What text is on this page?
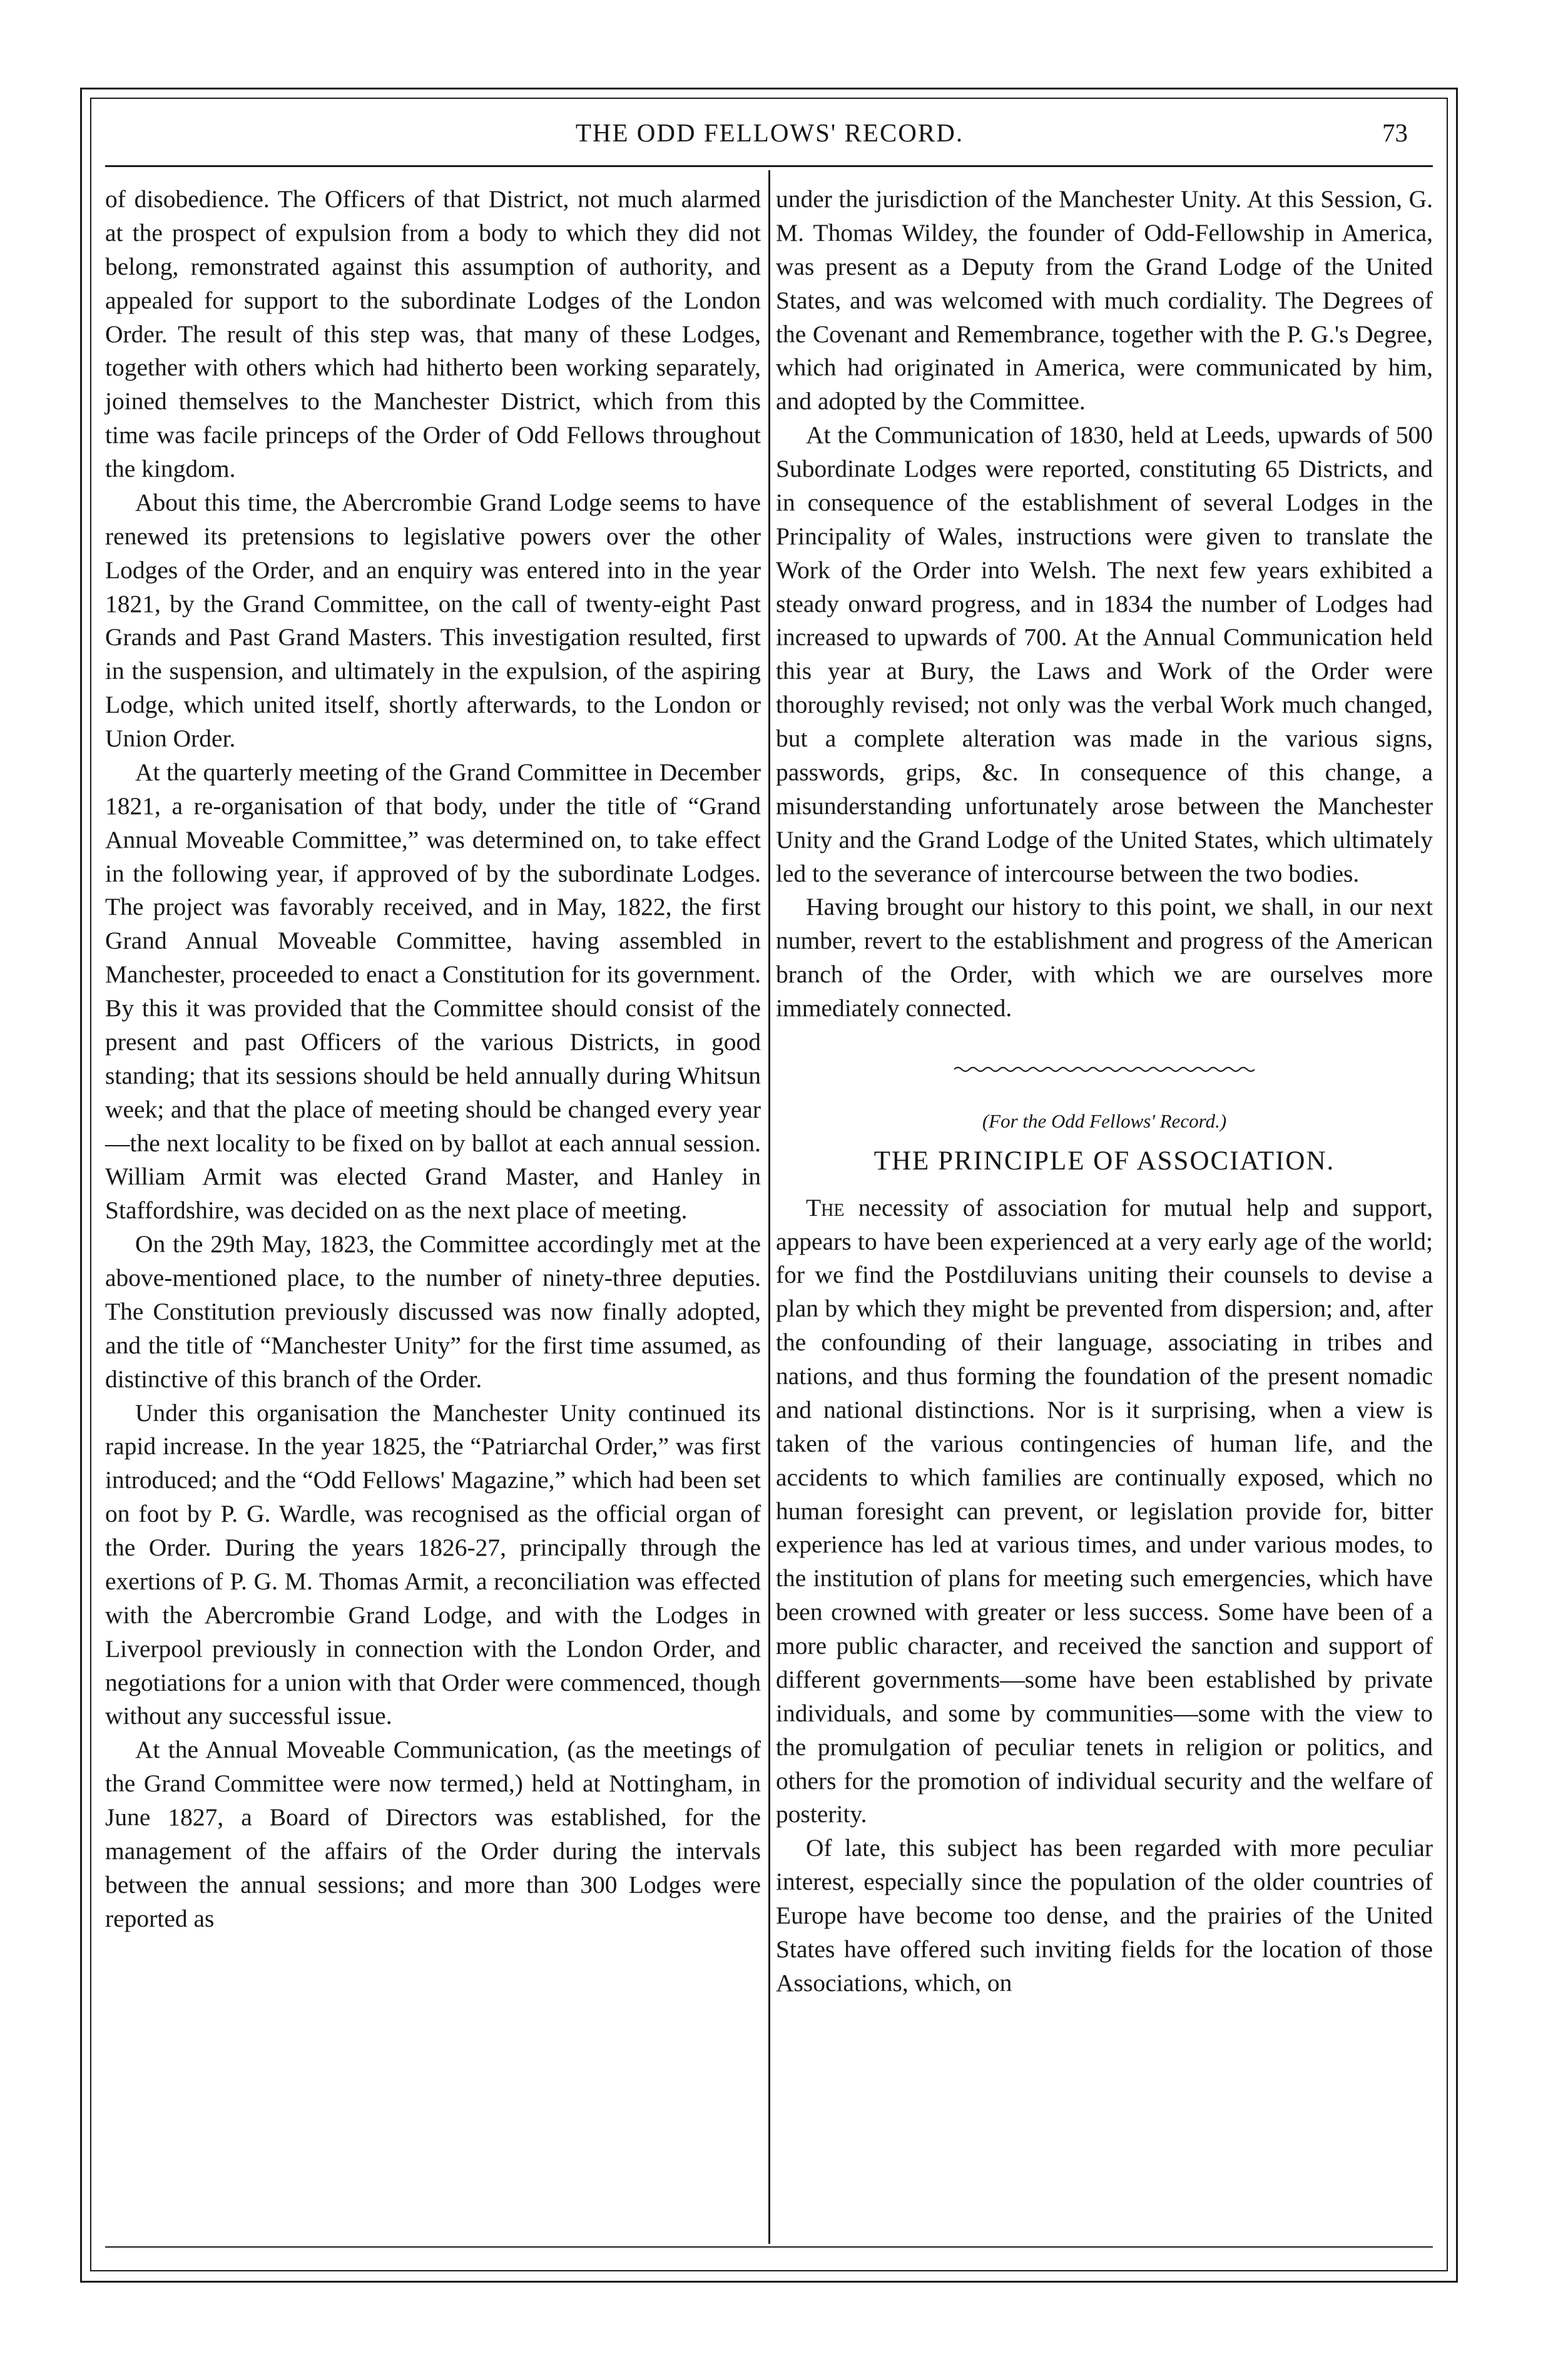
THE ODD FELLOWS' RECORD.	73

of disobedience. The Officers of that District, not much alarmed at the prospect of expulsion from a body to which they did not belong, remonstrated against this assumption of authority, and appealed for support to the subordinate Lodges of the London Order. The result of this step was, that many of these Lodges, together with others which had hitherto been working separately, joined themselves to the Manchester District, which from this time was facile princeps of the Order of Odd Fellows throughout the kingdom.

About this time, the Abercrombie Grand Lodge seems to have renewed its pretensions to legislative powers over the other Lodges of the Order, and an enquiry was entered into in the year 1821, by the Grand Committee, on the call of twenty-eight Past Grands and Past Grand Masters. This investigation resulted, first in the suspension, and ultimately in the expulsion, of the aspiring Lodge, which united itself, shortly afterwards, to the London or Union Order.

At the quarterly meeting of the Grand Committee in December 1821, a re-organisation of that body, under the title of “Grand Annual Moveable Committee,” was determined on, to take effect in the following year, if approved of by the subordinate Lodges. The project was favorably received, and in May, 1822, the first Grand Annual Moveable Committee, having assembled in Manchester, proceeded to enact a Constitution for its government. By this it was provided that the Committee should consist of the present and past Officers of the various Districts, in good standing; that its sessions should be held annually during Whitsun week; and that the place of meeting should be changed every year—the next locality to be fixed on by ballot at each annual session. William Armit was elected Grand Master, and Hanley in Staffordshire, was decided on as the next place of meeting.

On the 29th May, 1823, the Committee accordingly met at the above-mentioned place, to the number of ninety-three deputies. The Constitution previously discussed was now finally adopted, and the title of “Manchester Unity” for the first time assumed, as distinctive of this branch of the Order.

Under this organisation the Manchester Unity continued its rapid increase. In the year 1825, the “Patriarchal Order,” was first introduced; and the “Odd Fellows' Magazine,” which had been set on foot by P. G. Wardle, was recognised as the official organ of the Order. During the years 1826-27, principally through the exertions of P. G. M. Thomas Armit, a reconciliation was effected with the Abercrombie Grand Lodge, and with the Lodges in Liverpool previously in connection with the London Order, and negotiations for a union with that Order were commenced, though without any successful issue.

At the Annual Moveable Communication, (as the meetings of the Grand Committee were now termed,) held at Nottingham, in June 1827, a Board of Directors was established, for the management of the affairs of the Order during the intervals between the annual sessions; and more than 300 Lodges were reported as

under the jurisdiction of the Manchester Unity. At this Session, G. M. Thomas Wildey, the founder of Odd-Fellowship in America, was present as a Deputy from the Grand Lodge of the United States, and was welcomed with much cordiality. The Degrees of the Covenant and Remembrance, together with the P. G.'s Degree, which had originated in America, were communicated by him, and adopted by the Committee.

At the Communication of 1830, held at Leeds, upwards of 500 Subordinate Lodges were reported, constituting 65 Districts, and in consequence of the establishment of several Lodges in the Principality of Wales, instructions were given to translate the Work of the Order into Welsh. The next few years exhibited a steady onward progress, and in 1834 the number of Lodges had increased to upwards of 700. At the Annual Communication held this year at Bury, the Laws and Work of the Order were thoroughly revised; not only was the verbal Work much changed, but a complete alteration was made in the various signs, passwords, grips, &c. In consequence of this change, a misunderstanding unfortunately arose between the Manchester Unity and the Grand Lodge of the United States, which ultimately led to the severance of intercourse between the two bodies.

Having brought our history to this point, we shall, in our next number, revert to the establishment and progress of the American branch of the Order, with which we are ourselves more immediately connected.

(For the Odd Fellows' Record.)
THE PRINCIPLE OF ASSOCIATION.

The necessity of association for mutual help and support, appears to have been experienced at a very early age of the world; for we find the Postdiluvians uniting their counsels to devise a plan by which they might be prevented from dispersion; and, after the confounding of their language, associating in tribes and nations, and thus forming the foundation of the present nomadic and national distinctions. Nor is it surprising, when a view is taken of the various contingencies of human life, and the accidents to which families are continually exposed, which no human foresight can prevent, or legislation provide for, bitter experience has led at various times, and under various modes, to the institution of plans for meeting such emergencies, which have been crowned with greater or less success. Some have been of a more public character, and received the sanction and support of different governments—some have been established by private individuals, and some by communities—some with the view to the promulgation of peculiar tenets in religion or politics, and others for the promotion of individual security and the welfare of posterity.

Of late, this subject has been regarded with more peculiar interest, especially since the population of the older countries of Europe have become too dense, and the prairies of the United States have offered such inviting fields for the location of those Associations, which, on
